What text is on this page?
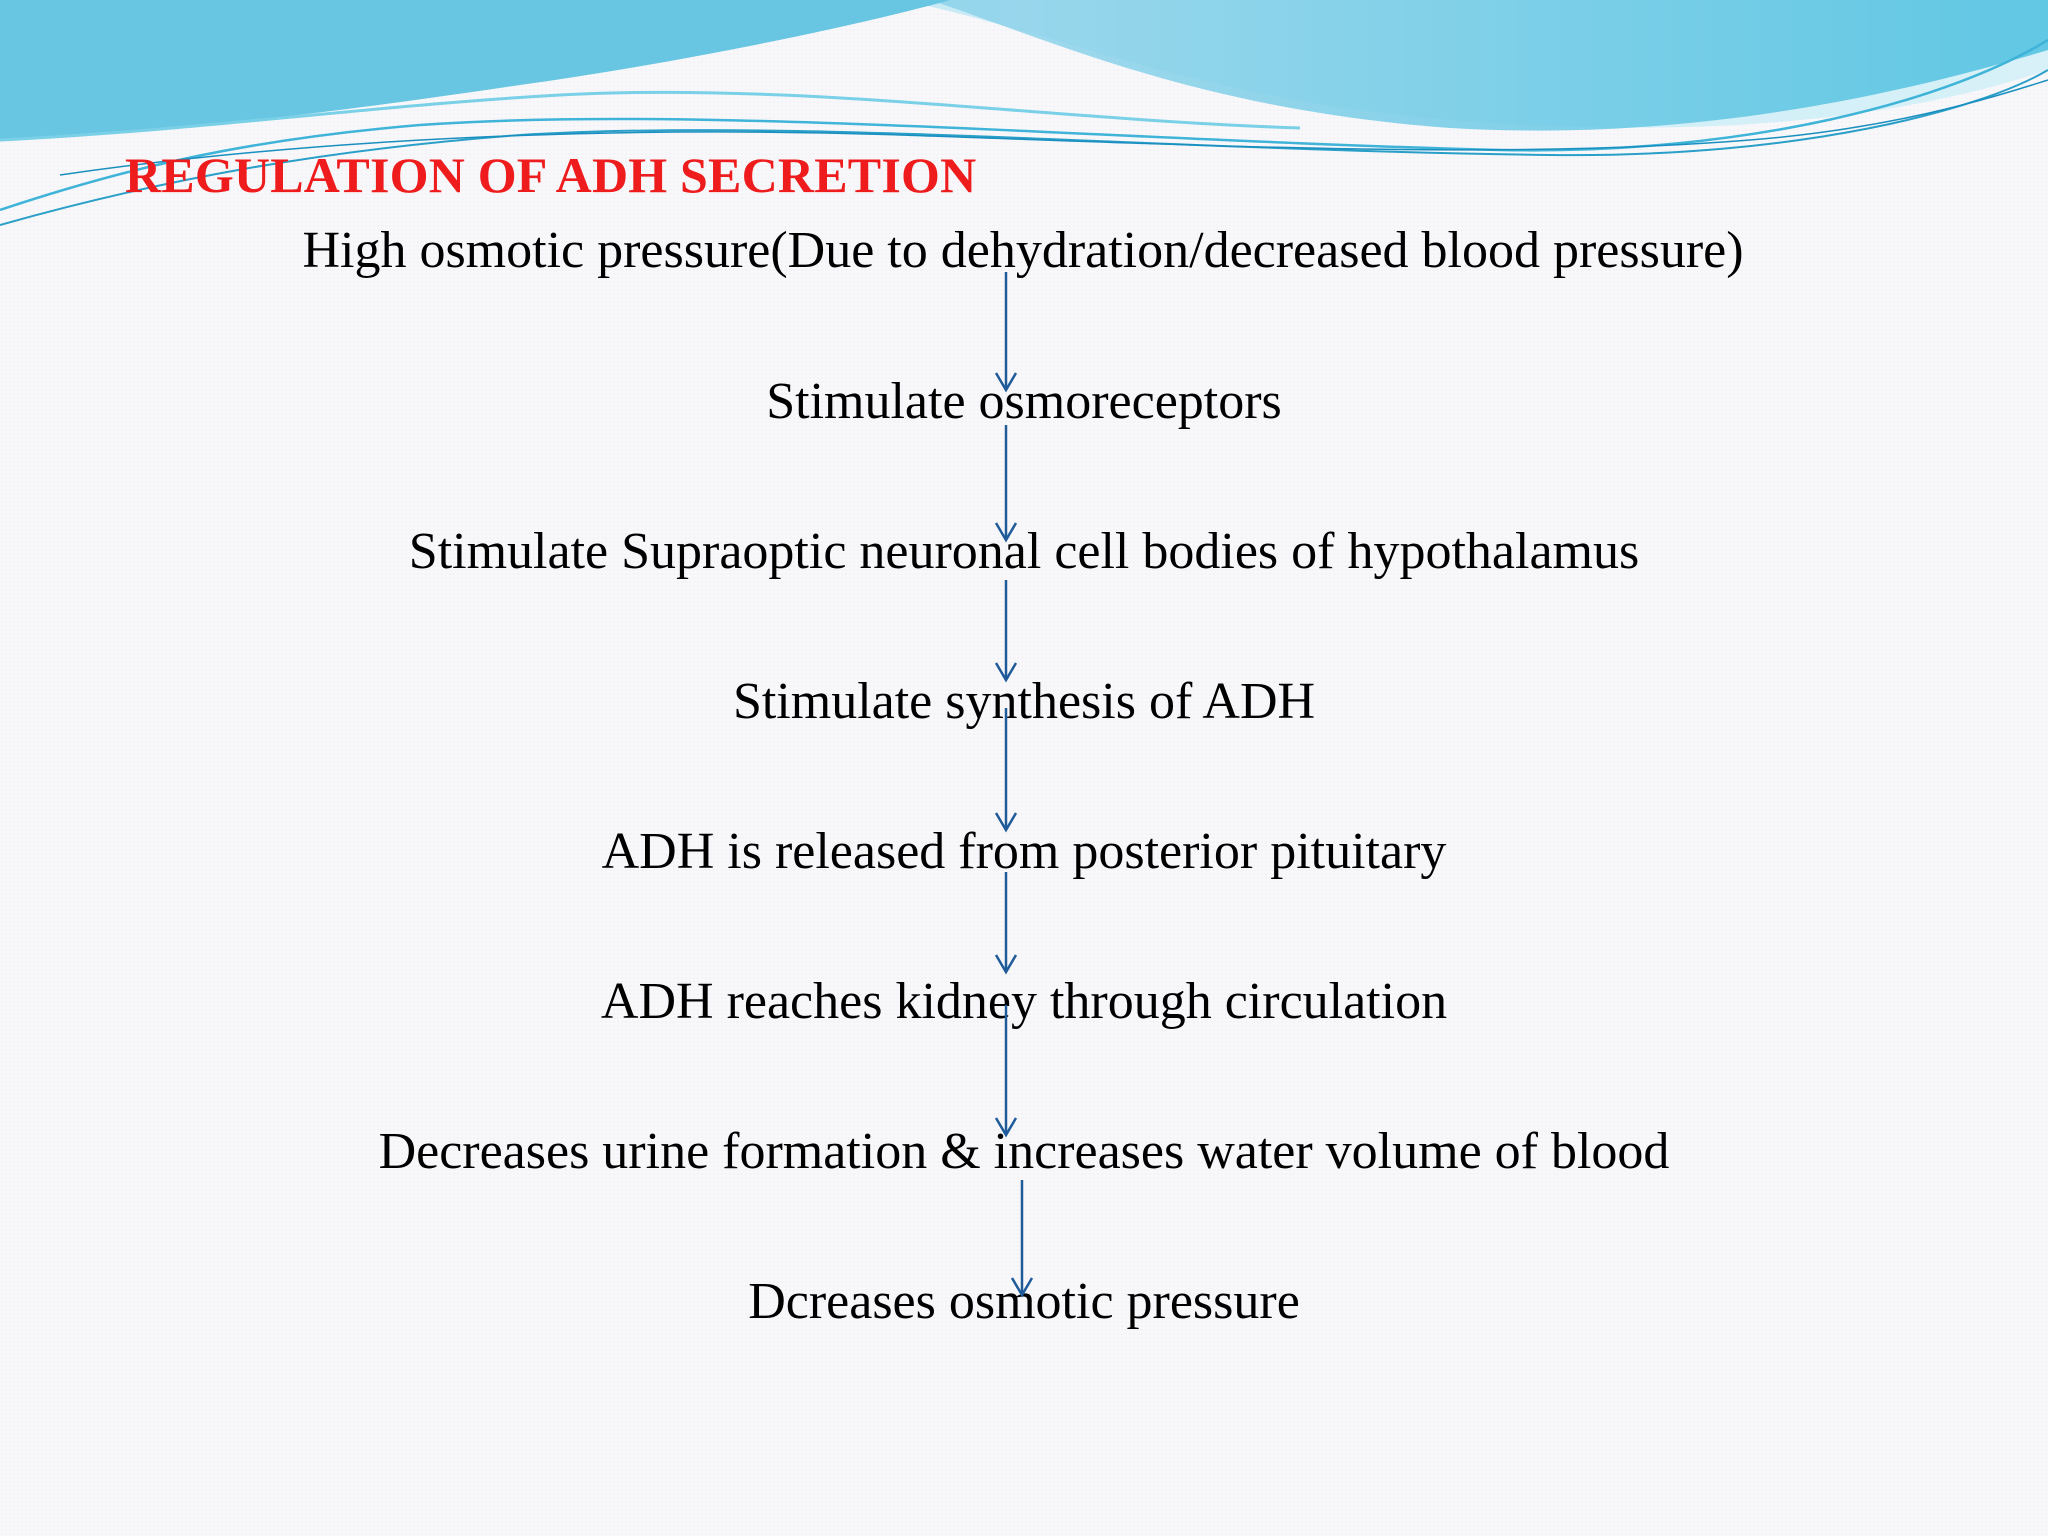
REGULATION OF ADH SECRETION
High osmotic pressure(Due to dehydration/decreased blood pressure)
Stimulate osmoreceptors
Stimulate Supraoptic neuronal cell bodies of hypothalamus
Stimulate synthesis of ADH
ADH is released from posterior pituitary
ADH reaches kidney through circulation
Decreases urine formation & increases water volume of blood
Dcreases osmotic pressure
